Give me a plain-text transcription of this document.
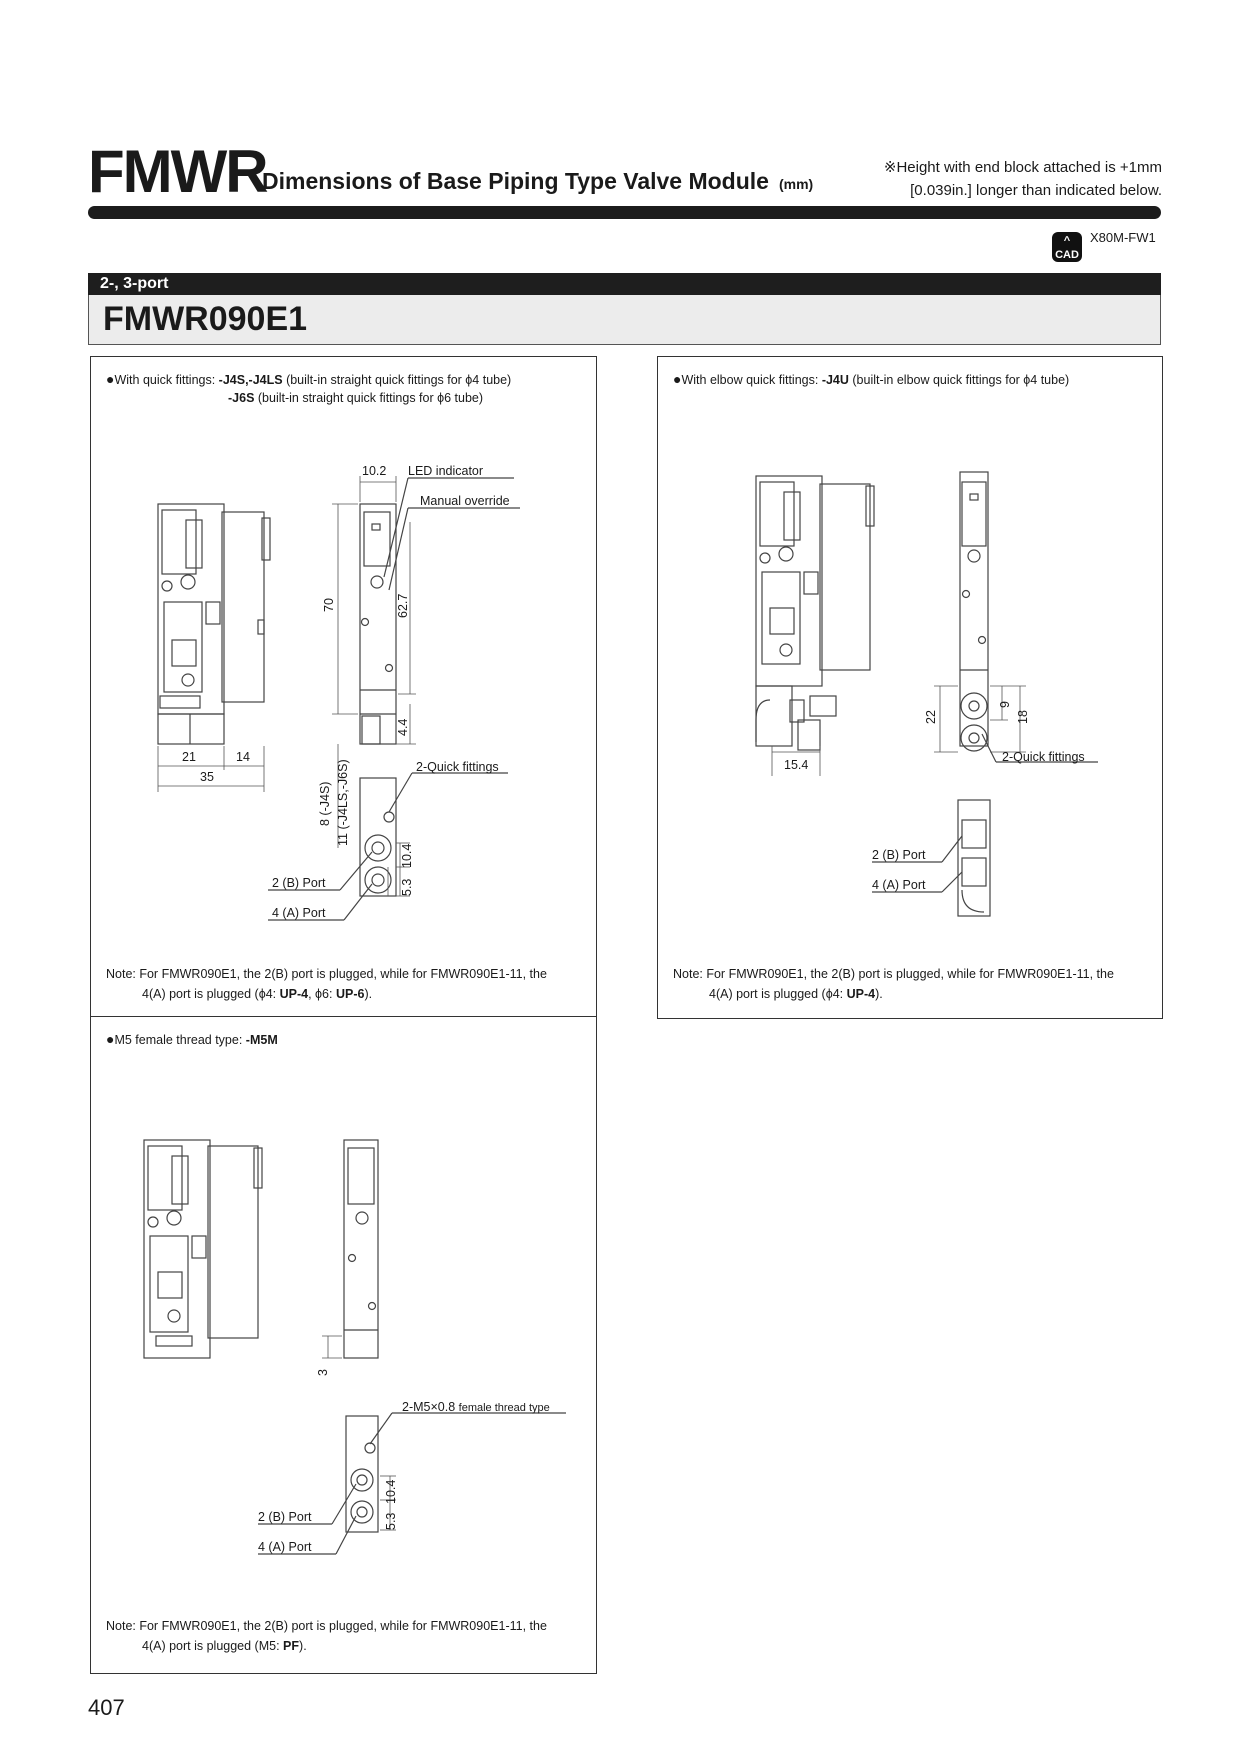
FMWR
Dimensions of Base Piping Type Valve Module (mm)
※Height with end block attached is +1mm
[0.039in.] longer than indicated below.
^
CAD
X80M-FW1
2-, 3-port
FMWR090E1
●With quick fittings: -J4S,-J4LS (built-in straight quick fittings for ϕ4 tube)
-J6S (built-in straight quick fittings for ϕ6 tube)
10.2 LED indicator
Manual override
70	62.7
4.4
21	14
35
8 (-J4S) 11 (-J4LS,-J6S)	2-Quick fittings
10.4
5.3
2 (B) Port
4 (A) Port
Note: For FMWR090E1, the 2(B) port is plugged, while for FMWR090E1-11, the
4(A) port is plugged (ϕ4: UP-4, ϕ6: UP-6).
●With elbow quick fittings: -J4U (built-in elbow quick fittings for ϕ4 tube)
15.4
22
9
18
2-Quick fittings
2 (B) Port
4 (A) Port
Note: For FMWR090E1, the 2(B) port is plugged, while for FMWR090E1-11, the
4(A) port is plugged (ϕ4: UP-4).
●M5 female thread type: -M5M
3
2-M5×0.8 female thread type
10.4
5.3
2 (B) Port
4 (A) Port
Note: For FMWR090E1, the 2(B) port is plugged, while for FMWR090E1-11, the
4(A) port is plugged (M5: PF).
407
